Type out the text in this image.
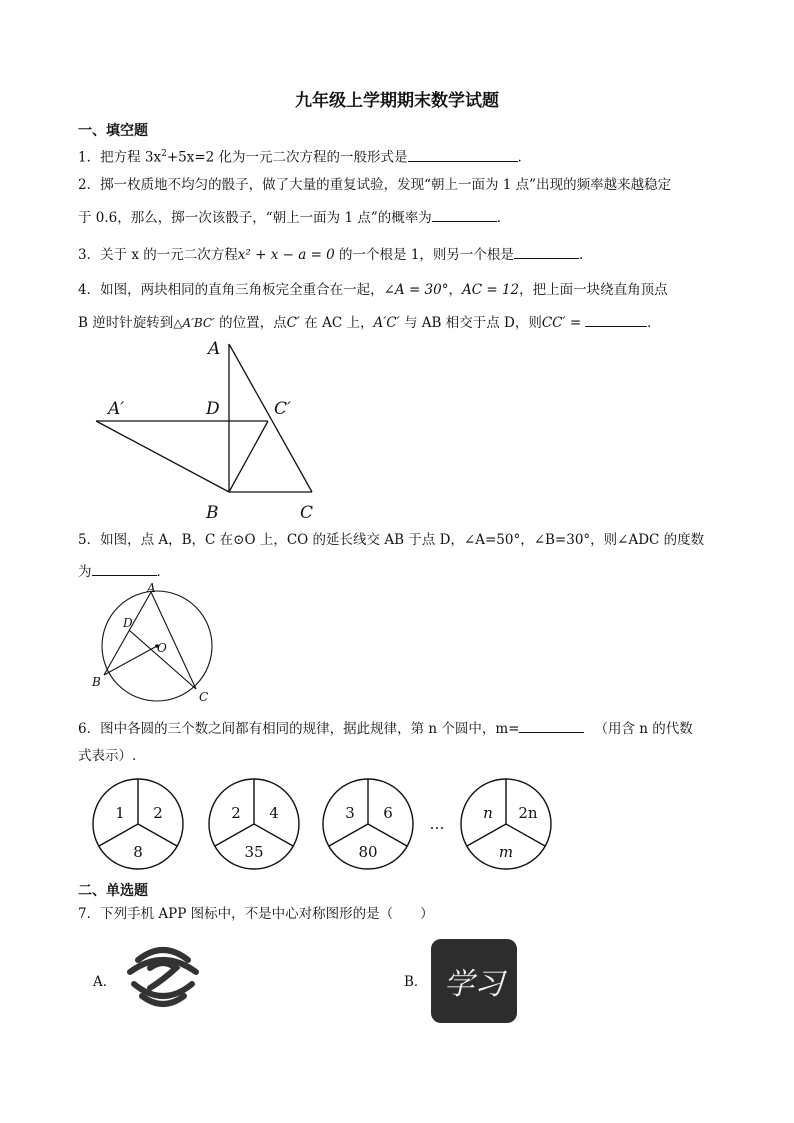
九年级上学期期末数学试题
一、填空题
1．把方程 $3x^2+5x=2$ 化为一元二次方程的一般形式是	.
2．掷一枚质地不均匀的骰子，做了大量的重复试验，发现“朝上一面为 1 点”出现的频率越来越稳定
于 0.6，那么，掷一次该骰子，“朝上一面为 1 点”的概率为	．
3．关于 x 的一元二次方程x² + x − a = 0 的一个根是 1，则另一个根是	．
4．如图，两块相同的直角三角板完全重合在一起，∠A = 30°，AC = 12，把上面一块绕直角顶点
B 逆时针旋转到△A′BC′ 的位置，点C′ 在 AC 上，A′C′ 与 AB 相交于点 D，则CC′ =	．
A
A′	D	C′
B	C
5．如图，点 A，B，C 在⊙O 上，CO 的延长线交 AB 于点 D，∠A=50°，∠B=30°，则∠ADC 的度数
为	．
A
D
O
B
C
6．图中各圆的三个数之间都有相同的规律，据此规律，第 n 个圆中，m=	（用含 n 的代数
式表示）.
1 2
8
2 4
35
3 6
80
…
n 2n
m
二、单选题
7．下列手机 APP 图标中，不是中心对称图形的是（　　）
A．	B． 学习
